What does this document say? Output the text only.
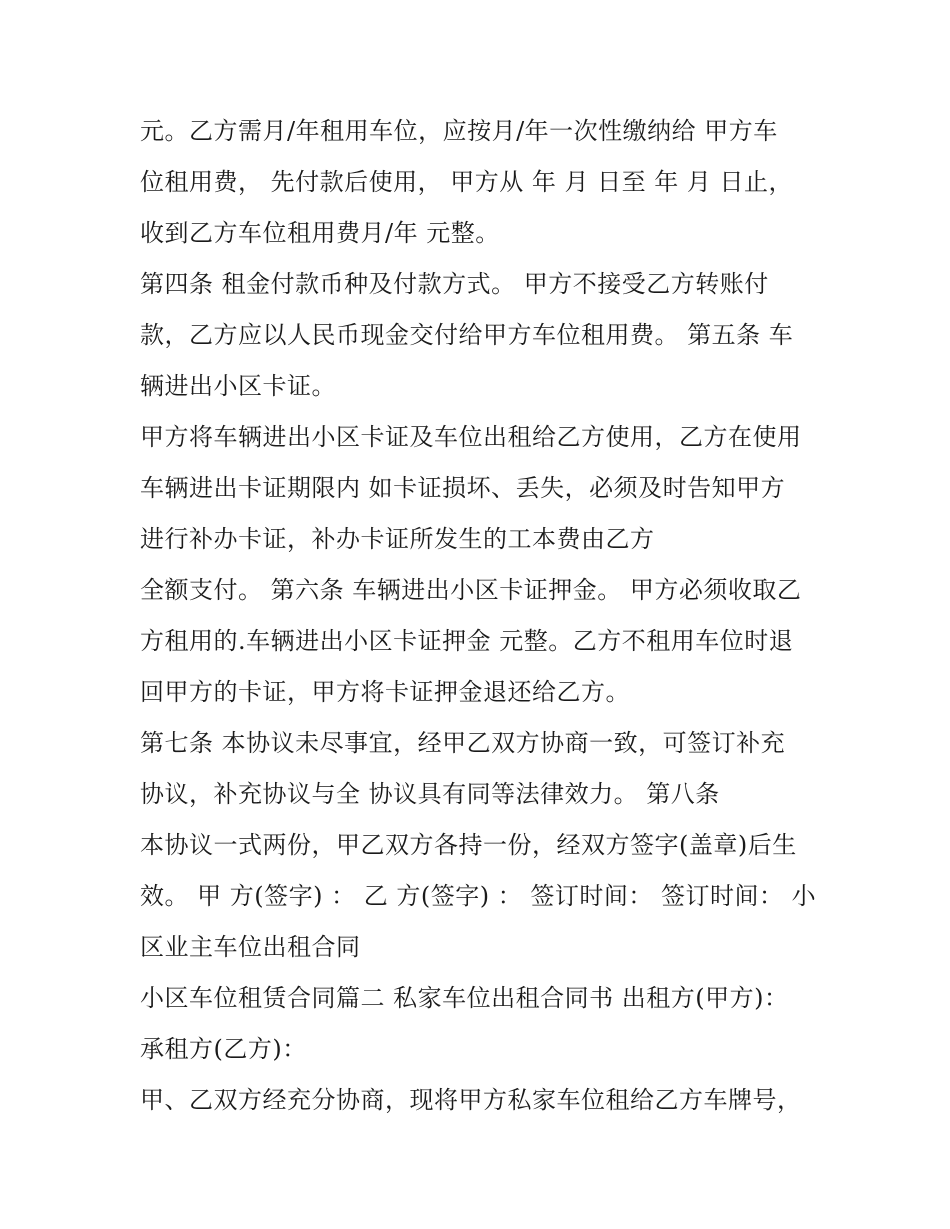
元。乙方需月/年租用车位，应按月/年一次性缴纳给 甲方车
位租用费， 先付款后使用， 甲方从 年 月 日至 年 月 日止，
收到乙方车位租用费月/年 元整。
第四条 租金付款币种及付款方式。 甲方不接受乙方转账付
款，乙方应以人民币现金交付给甲方车位租用费。 第五条 车
辆进出小区卡证。
甲方将车辆进出小区卡证及车位出租给乙方使用，乙方在使用
车辆进出卡证期限内 如卡证损坏、丢失，必须及时告知甲方
进行补办卡证，补办卡证所发生的工本费由乙方
全额支付。 第六条 车辆进出小区卡证押金。 甲方必须收取乙
方租用的.车辆进出小区卡证押金 元整。乙方不租用车位时退
回甲方的卡证，甲方将卡证押金退还给乙方。
第七条 本协议未尽事宜，经甲乙双方协商一致，可签订补充
协议，补充协议与全 协议具有同等法律效力。 第八条
本协议一式两份，甲乙双方各持一份，经双方签字(盖章)后生
效。 甲 方(签字) ： 乙 方(签字) ： 签订时间： 签订时间： 小
区业主车位出租合同
小区车位租赁合同篇二 私家车位出租合同书 出租方(甲方)：
承租方(乙方)：
甲、乙双方经充分协商，现将甲方私家车位租给乙方车牌号，
